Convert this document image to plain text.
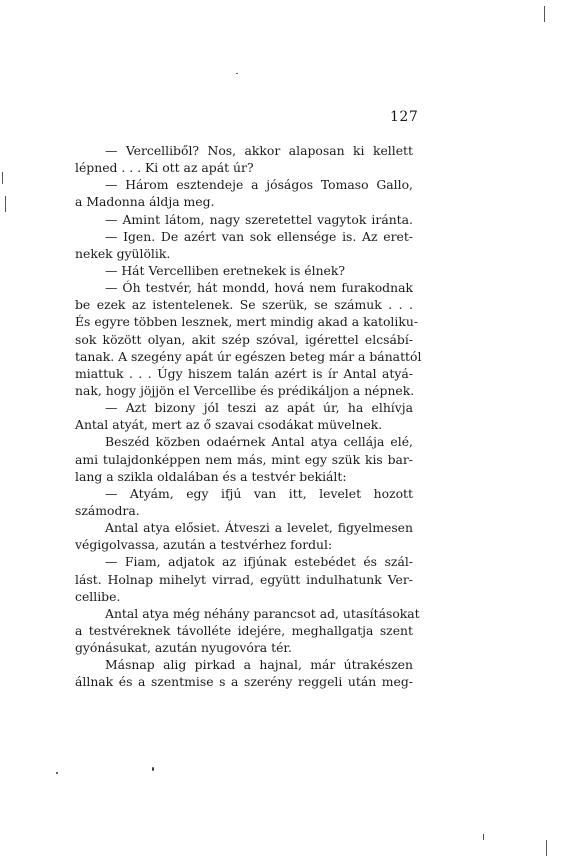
127
— Vercelliből? Nos, akkor alaposan ki kellett
lépned . . . Ki ott az apát úr?
— Három esztendeje a jóságos Tomaso Gallo,
a Madonna áldja meg.
— Amint látom, nagy szeretettel vagytok iránta.
— Igen. De azért van sok ellensége is. Az eret-
nekek gyülölik.
— Hát Vercelliben eretnekek is élnek?
— Óh testvér, hát mondd, hová nem furakodnak
be ezek az istentelenek. Se szerük, se számuk . . .
És egyre többen lesznek, mert mindig akad a katoliku-
sok között olyan, akit szép szóval, igérettel elcsábí-
tanak. A szegény apát úr egészen beteg már a bánattól
miattuk . . . Úgy hiszem talán azért is ír Antal atyá-
nak, hogy jöjjön el Vercellibe és prédikáljon a népnek.
— Azt bizony jól teszi az apát úr, ha elhívja
Antal atyát, mert az ő szavai csodákat müvelnek.
Beszéd közben odaérnek Antal atya cellája elé,
ami tulajdonképpen nem más, mint egy szük kis bar-
lang a szikla oldalában és a testvér bekiált:
— Atyám, egy ifjú van itt, levelet hozott
számodra.
Antal atya elősiet. Átveszi a levelet, figyelmesen
végigolvassa, azután a testvérhez fordul:
— Fiam, adjatok az ifjúnak estebédet és szál-
lást. Holnap mihelyt virrad, együtt indulhatunk Ver-
cellibe.
Antal atya még néhány parancsot ad, utasításokat
a testvéreknek távolléte idejére, meghallgatja szent
gyónásukat, azután nyugovóra tér.
Másnap alig pirkad a hajnal, már útrakészen
állnak és a szentmise s a szerény reggeli után meg-
